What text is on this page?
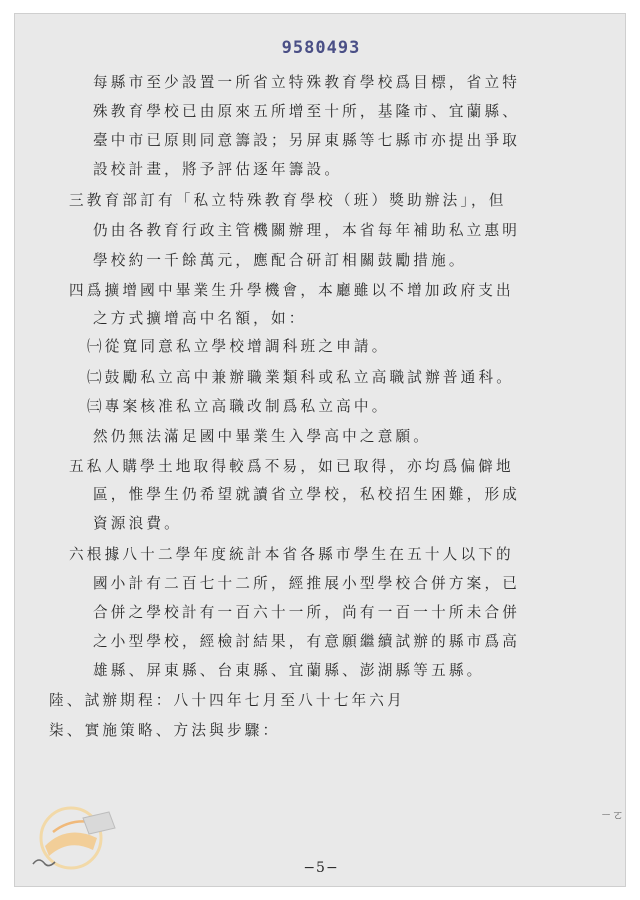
9580493
每縣市至少設置一所省立特殊教育學校爲目標，省立特
殊教育學校已由原來五所增至十所，基隆市、宜蘭縣、
臺中市已原則同意籌設；另屏東縣等七縣市亦提出爭取
設校計畫，將予評估逐年籌設。
三教育部訂有「私立特殊教育學校（班）獎助辦法」，但
仍由各教育行政主管機關辦理，本省每年補助私立惠明
學校約一千餘萬元，應配合研訂相關鼓勵措施。
四爲擴增國中畢業生升學機會，本廳雖以不增加政府支出
之方式擴增高中名額，如：
㈠從寬同意私立學校增調科班之申請。
㈡鼓勵私立高中兼辦職業類科或私立高職試辦普通科。
㈢專案核准私立高職改制爲私立高中。
然仍無法滿足國中畢業生入學高中之意願。
五私人購學土地取得較爲不易，如已取得，亦均爲偏僻地
區，惟學生仍希望就讀省立學校，私校招生困難，形成
資源浪費。
六根據八十二學年度統計本省各縣市學生在五十人以下的
國小計有二百七十二所，經推展小型學校合併方案，已
合併之學校計有一百六十一所，尚有一百一十所未合併
之小型學校，經檢討結果，有意願繼續試辦的縣市爲高
雄縣、屏東縣、台東縣、宜蘭縣、澎湖縣等五縣。
陸、試辦期程：八十四年七月至八十七年六月
柒、實施策略、方法與步驟：
ㄧㄛ
−5−
